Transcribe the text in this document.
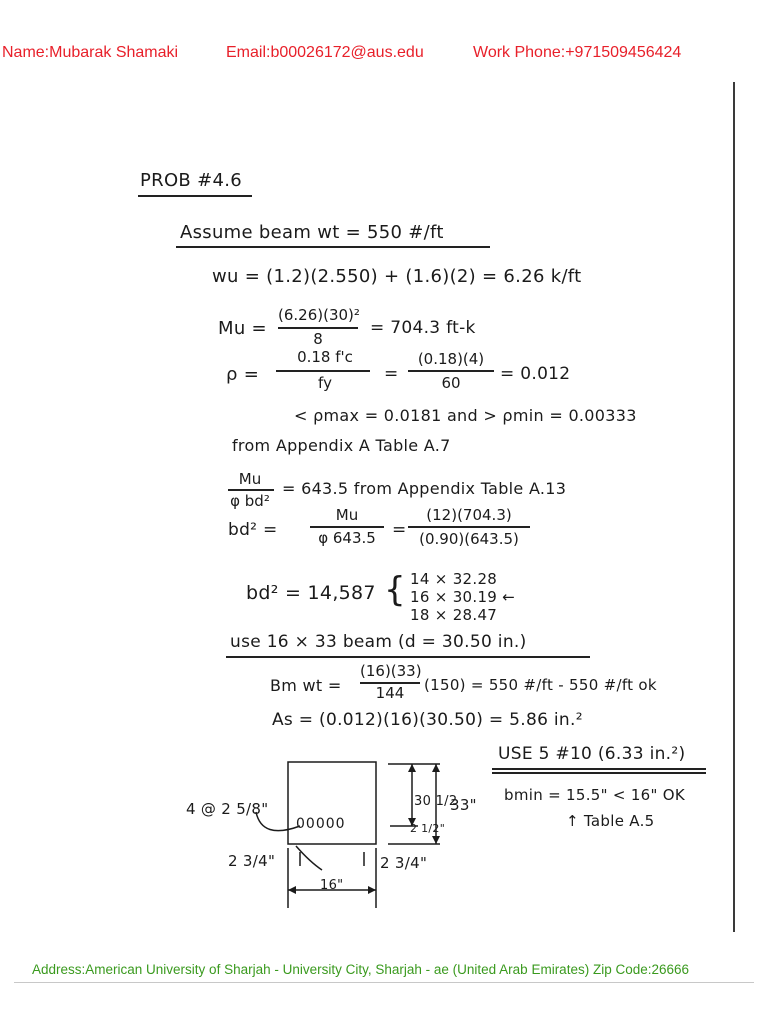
Name:Mubarak Shamaki	Email:b00026172@aus.edu	Work Phone:+971509456424
PROB #4.6
Assume beam wt = 550 #/ft
wu = (1.2)(2.550) + (1.6)(2) = 6.26 k/ft
Mu =
(6.26)(30)²
8
= 704.3 ft-k
ρ =
0.18 f'c
fy	=
(0.18)(4)
60	= 0.012
< ρmax = 0.0181 and > ρmin = 0.00333
from Appendix A Table A.7
Mu
φ bd²
= 643.5 from Appendix Table A.13
bd² =
Mu
φ 643.5 =
(12)(704.3)
(0.90)(643.5)
bd² = 14,587 { 14 × 32.28
16 × 30.19 ←
18 × 28.47
use 16 × 33 beam (d = 30.50 in.)
Bm wt =
(16)(33)
144	(150) = 550 #/ft - 550 #/ft ok
As = (0.012)(16)(30.50) = 5.86 in.²
USE 5 #10 (6.33 in.²)
bmin = 15.5" < 16" OK
↑ Table A.5
4 @ 2 5/8"
00000
2 3/4"	2 3/4"
16"
30 1/2
33"
2 1/2"
Address:American University of Sharjah - University City, Sharjah - ae (United Arab Emirates) Zip Code:26666
